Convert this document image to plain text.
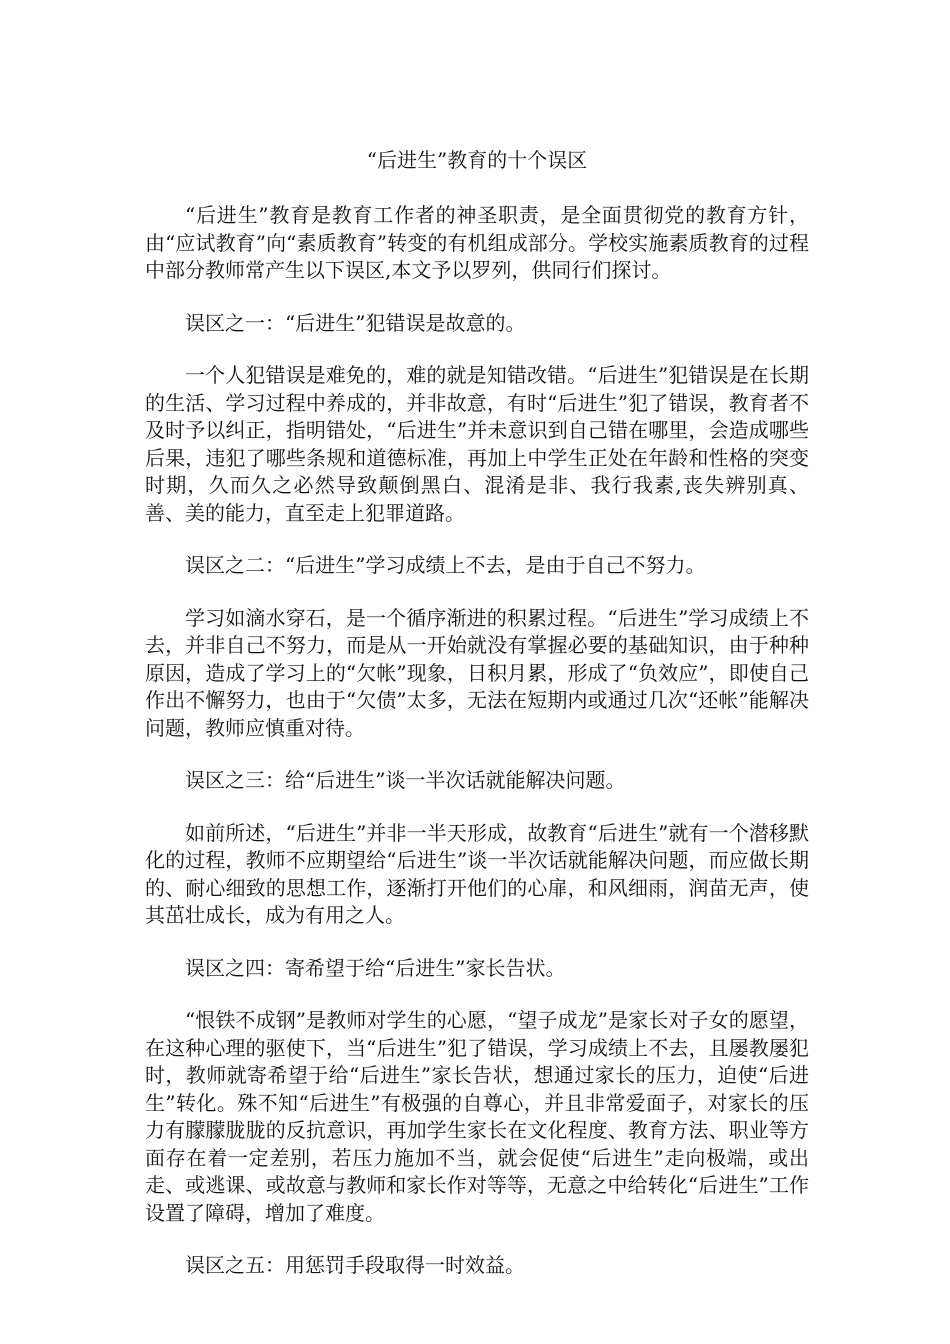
“后进生”教育的十个误区

“后进生”教育是教育工作者的神圣职责，是全面贯彻党的教育方针，由“应试教育”向“素质教育”转变的有机组成部分。学校实施素质教育的过程中部分教师常产生以下误区,本文予以罗列，供同行们探讨。

误区之一：“后进生”犯错误是故意的。

一个人犯错误是难免的，难的就是知错改错。“后进生”犯错误是在长期的生活、学习过程中养成的，并非故意，有时“后进生”犯了错误，教育者不及时予以纠正，指明错处，“后进生”并未意识到自己错在哪里，会造成哪些后果，违犯了哪些条规和道德标准，再加上中学生正处在年龄和性格的突变时期，久而久之必然导致颠倒黑白、混淆是非、我行我素,丧失辨别真、善、美的能力，直至走上犯罪道路。

误区之二：“后进生”学习成绩上不去，是由于自己不努力。

学习如滴水穿石，是一个循序渐进的积累过程。“后进生”学习成绩上不去，并非自己不努力，而是从一开始就没有掌握必要的基础知识，由于种种原因，造成了学习上的“欠帐”现象，日积月累，形成了“负效应”，即使自己作出不懈努力，也由于“欠债”太多，无法在短期内或通过几次“还帐”能解决问题，教师应慎重对待。

误区之三：给“后进生”谈一半次话就能解决问题。

如前所述，“后进生”并非一半天形成，故教育“后进生”就有一个潜移默化的过程，教师不应期望给“后进生”谈一半次话就能解决问题，而应做长期的、耐心细致的思想工作，逐渐打开他们的心扉，和风细雨，润苗无声，使其茁壮成长，成为有用之人。

误区之四：寄希望于给“后进生”家长告状。

“恨铁不成钢”是教师对学生的心愿，“望子成龙”是家长对子女的愿望，在这种心理的驱使下，当“后进生”犯了错误，学习成绩上不去，且屡教屡犯时，教师就寄希望于给“后进生”家长告状，想通过家长的压力，迫使“后进生”转化。殊不知“后进生”有极强的自尊心，并且非常爱面子，对家长的压力有朦朦胧胧的反抗意识，再加学生家长在文化程度、教育方法、职业等方面存在着一定差别，若压力施加不当，就会促使“后进生”走向极端，或出走、或逃课、或故意与教师和家长作对等等，无意之中给转化“后进生”工作设置了障碍，增加了难度。

误区之五：用惩罚手段取得一时效益。
